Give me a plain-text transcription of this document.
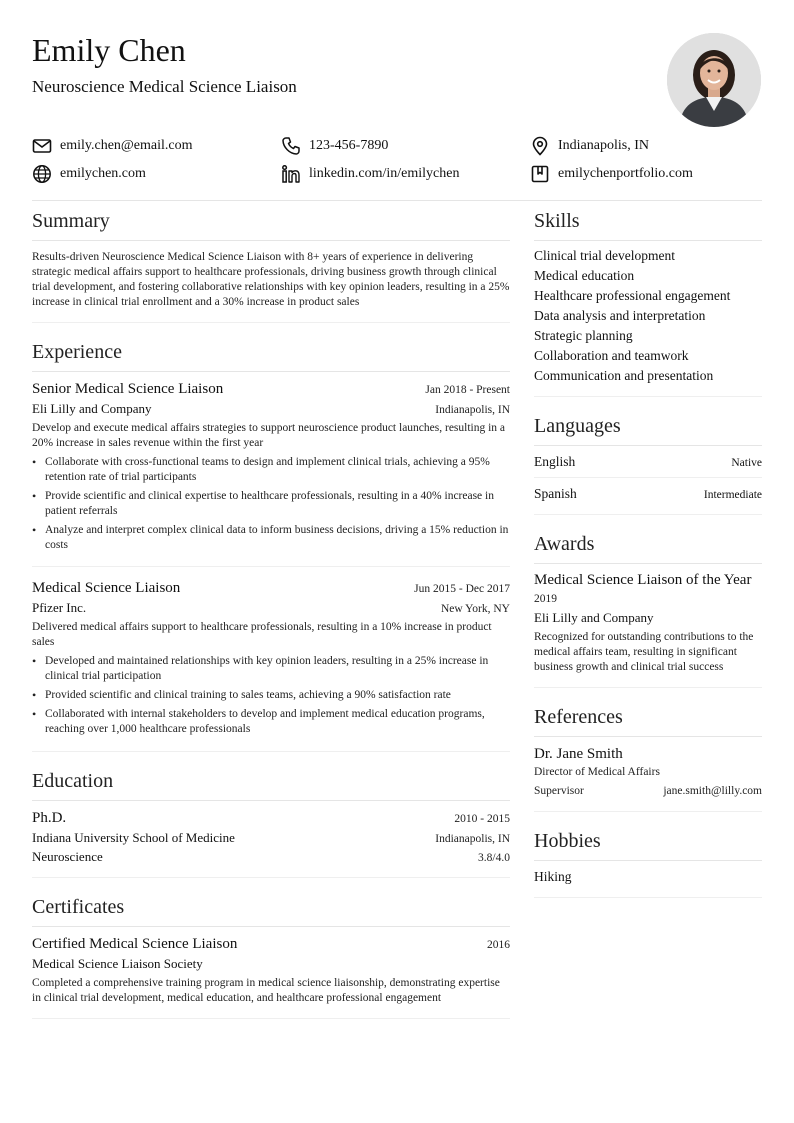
Emily Chen
Neuroscience Medical Science Liaison
emily.chen@email.com	123-456-7890	Indianapolis, IN
emilychen.com	linkedin.com/in/emilychen	emilychenportfolio.com
Summary

Results-driven Neuroscience Medical Science Liaison with 8+ years of experience in delivering strategic medical affairs support to healthcare professionals, driving business growth through clinical trial development, and fostering collaborative relationships with key opinion leaders, resulting in a 25% increase in clinical trial enrollment and a 30% increase in product sales

Experience
Senior Medical Science Liaison	Jan 2018 - Present
Eli Lilly and Company	Indianapolis, IN

Develop and execute medical affairs strategies to support neuroscience product launches, resulting in a 20% increase in sales revenue within the first year

• Collaborate with cross-functional teams to design and implement clinical trials, achieving a 95% retention rate of trial participants
• Provide scientific and clinical expertise to healthcare professionals, resulting in a 40% increase in patient referrals
• Analyze and interpret complex clinical data to inform business decisions, driving a 15% reduction in costs
Medical Science Liaison	Jun 2015 - Dec 2017
Pfizer Inc.	New York, NY

Delivered medical affairs support to healthcare professionals, resulting in a 10% increase in product sales

• Developed and maintained relationships with key opinion leaders, resulting in a 25% increase in clinical trial participation
• Provided scientific and clinical training to sales teams, achieving a 90% satisfaction rate
• Collaborated with internal stakeholders to develop and implement medical education programs, reaching over 1,000 healthcare professionals
Education
Ph.D.	2010 - 2015
Indiana University School of Medicine	Indianapolis, IN
Neuroscience	3.8/4.0
Certificates
Certified Medical Science Liaison	2016
Medical Science Liaison Society

Completed a comprehensive training program in medical science liaisonship, demonstrating expertise in clinical trial development, medical education, and healthcare professional engagement

Skills
Clinical trial development
Medical education
Healthcare professional engagement
Data analysis and interpretation
Strategic planning
Collaboration and teamwork
Communication and presentation
Languages
English	Native
Spanish	Intermediate
Awards
Medical Science Liaison of the Year
2019
Eli Lilly and Company

Recognized for outstanding contributions to the medical affairs team, resulting in significant business growth and clinical trial success

References
Dr. Jane Smith
Director of Medical Affairs
Supervisor	jane.smith@lilly.com
Hobbies
Hiking
